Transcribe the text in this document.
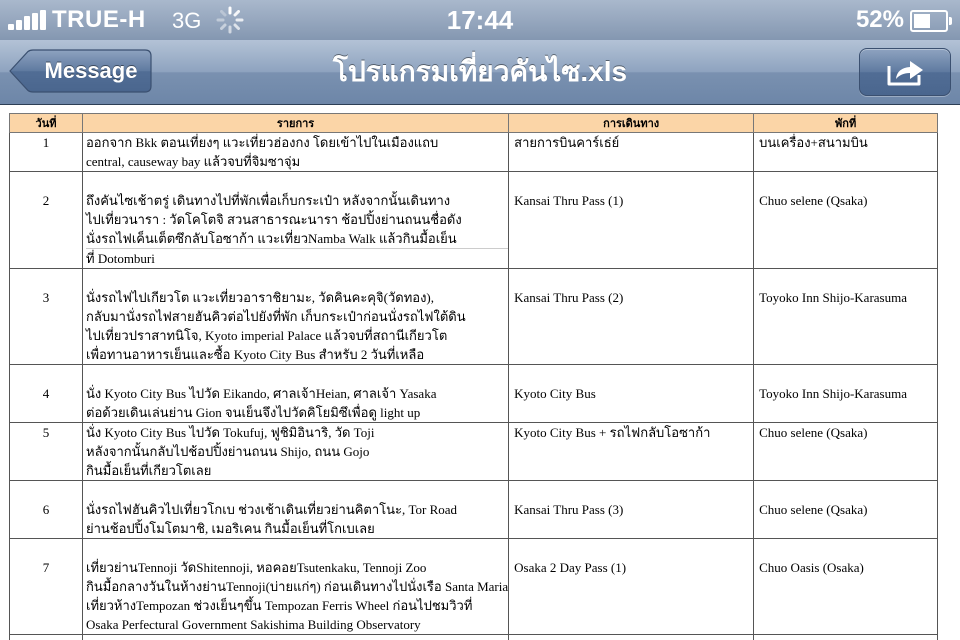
TRUE-H 3G	17:44	52%
Message	โปรแกรมเที่ยวคันไซ.xls
วันที่	รายการ	การเดินทาง	พักที่
1	ออกจาก Bkk ตอนเที่ยงๆ แวะเที่ยวฮ่องกง โดยเข้าไปในเมืองแถบ
central, causeway bay แล้วจบที่จิมซาจุ่ม	สายการบินคาร์เธ่ย์	บนเครื่อง+สนามบิน
2	ถึงคันไซเช้าตรู่ เดินทางไปที่พักเพื่อเก็บกระเป๋า หลังจากนั้นเดินทาง
ไปเที่ยวนารา : วัดโคโตจิ สวนสาธารณะนารา ช้อปปิ้งย่านถนนชื่อดัง
นั่งรถไฟเค็นเต็ตซึกลับโอซาก้า แวะเที่ยวNamba Walk แล้วกินมื้อเย็น
ที่ Dotomburi	Kansai Thru Pass (1)	Chuo selene (Qsaka)
3	นั่งรถไฟไปเกียวโต แวะเที่ยวอาราชิยามะ, วัดคินคะคุจิ(วัดทอง),
กลับมานั่งรถไฟสายฮันคิวต่อไปยังที่พัก เก็บกระเป๋าก่อนนั่งรถไฟใต้ดิน
ไปเที่ยวปราสาทนิโจ, Kyoto imperial Palace แล้วจบที่สถานีเกียวโต
เพื่อทานอาหารเย็นและซื้อ Kyoto City Bus สำหรับ 2 วันที่เหลือ	Kansai Thru Pass (2)	Toyoko Inn Shijo-Karasuma
4	นั่ง Kyoto City Bus ไปวัด Eikando, ศาลเจ้าHeian, ศาลเจ้า Yasaka
ต่อด้วยเดินเล่นย่าน Gion จนเย็นจึงไปวัดคิโยมิซึเพื่อดู light up	Kyoto City Bus	Toyoko Inn Shijo-Karasuma
5	นั่ง Kyoto City Bus ไปวัด Tokufuj, ฟูชิมิอินาริ, วัด Toji
หลังจากนั้นกลับไปช้อปปิ้งย่านถนน Shijo, ถนน Gojo
กินมื้อเย็นที่เกียวโตเลย	Kyoto City Bus + รถไฟกลับโอซาก้า	Chuo selene (Qsaka)
6	นั่งรถไฟฮันคิวไปเที่ยวโกเบ ช่วงเช้าเดินเที่ยวย่านคิตาโนะ, Tor Road
ย่านช้อปปิ้งโมโตมาชิ, เมอริเคน กินมื้อเย็นที่โกเบเลย	Kansai Thru Pass (3)	Chuo selene (Qsaka)
7	เที่ยวย่านTennoji วัดShitennoji, หอคอยTsutenkaku, Tennoji Zoo
กินมื้อกลางวันในห้างย่านTennoji(บ่ายแก่ๆ) ก่อนเดินทางไปนั่งเรือ Santa Maria
เที่ยวห้างTempozan ช่วงเย็นๆขึ้น Tempozan Ferris Wheel ก่อนไปชมวิวที่
Osaka Perfectural Government Sakishima Building Observatory	Osaka 2 Day Pass (1)	Chuo Oasis (Osaka)
